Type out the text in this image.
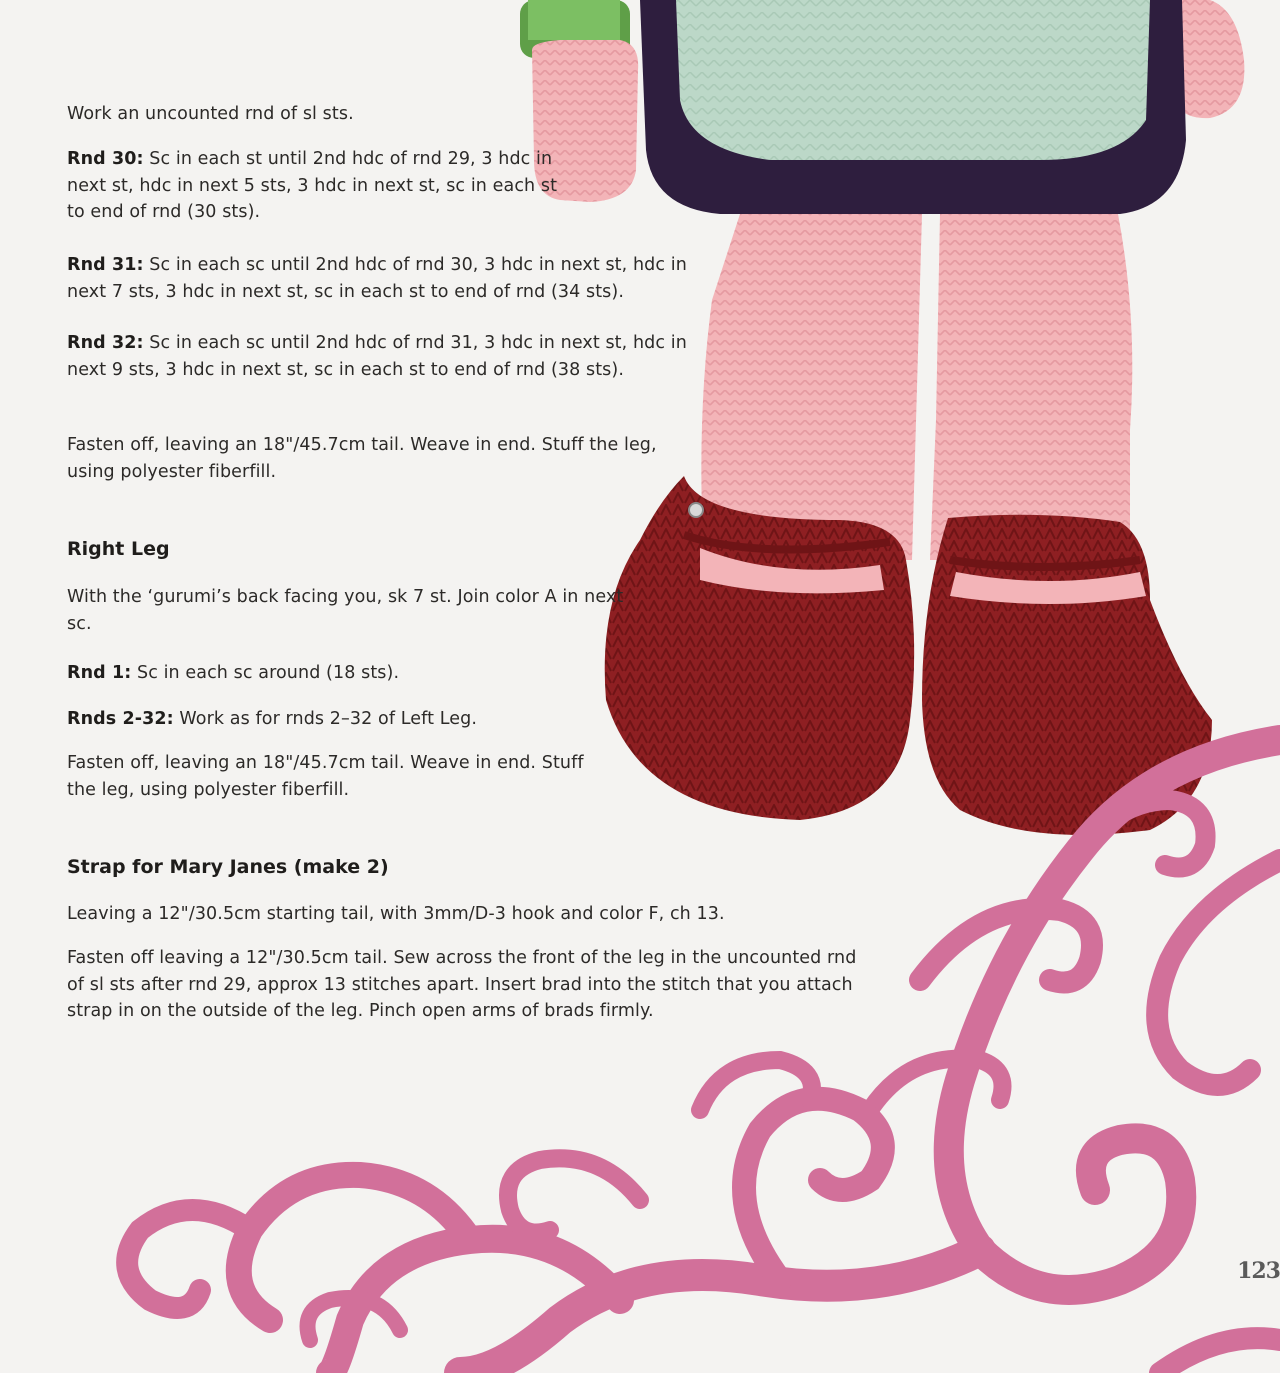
Work an uncounted rnd of sl sts.

Rnd 30: Sc in each st until 2nd hdc of rnd 29, 3 hdc in next st, hdc in next 5 sts, 3 hdc in next st, sc in each st to end of rnd (30 sts).

Rnd 31: Sc in each sc until 2nd hdc of rnd 30, 3 hdc in next st, hdc in next 7 sts, 3 hdc in next st, sc in each st to end of rnd (34 sts).

Rnd 32: Sc in each sc until 2nd hdc of rnd 31, 3 hdc in next st, hdc in next 9 sts, 3 hdc in next st, sc in each st to end of rnd (38 sts).

Fasten off, leaving an 18"/45.7cm tail. Weave in end. Stuff the leg, using polyester fiberfill.

Right Leg

With the ‘gurumi’s back facing you, sk 7 st. Join color A in next sc.

Rnd 1: Sc in each sc around (18 sts).

Rnds 2-32: Work as for rnds 2–32 of Left Leg.

Fasten off, leaving an 18"/45.7cm tail. Weave in end. Stuff the leg, using polyester fiberfill.

Strap for Mary Janes (make 2)

Leaving a 12"/30.5cm starting tail, with 3mm/D-3 hook and color F, ch 13.

Fasten off leaving a 12"/30.5cm tail. Sew across the front of the leg in the uncounted rnd of sl sts after rnd 29, approx 13 stitches apart. Insert brad into the stitch that you attach strap in on the outside of the leg. Pinch open arms of brads firmly.

123
